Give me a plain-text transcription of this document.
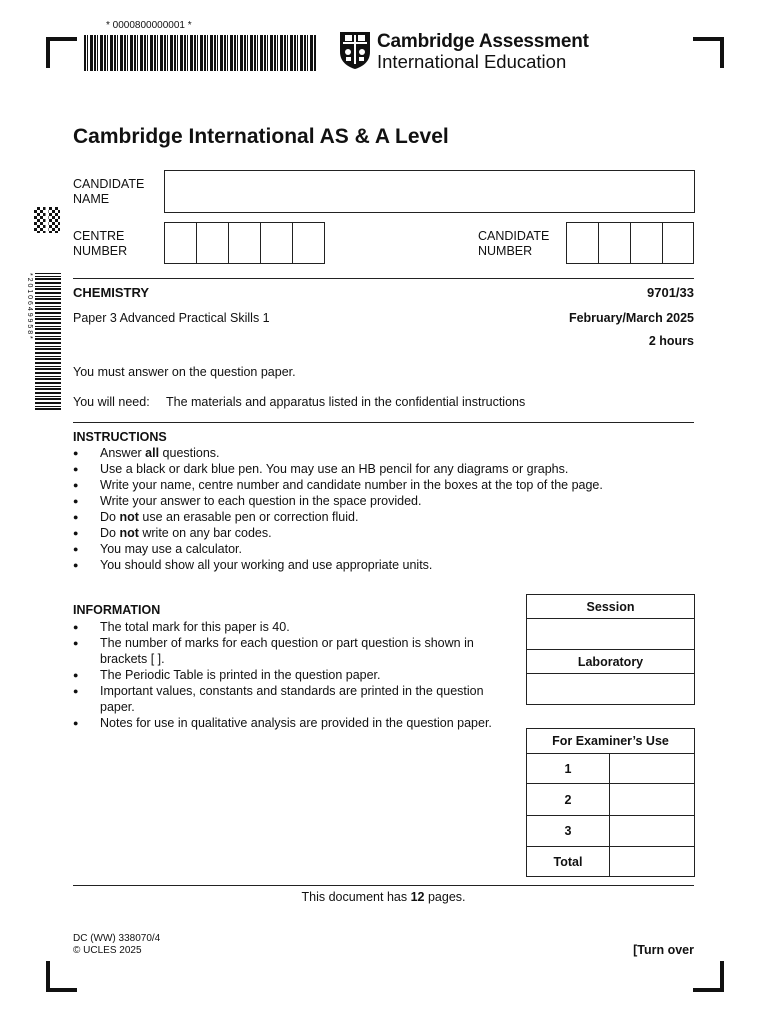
* 0000800000001 *
Cambridge Assessment
International Education
Cambridge International AS & A Level
* 2 0 1 0 6 4 9 9 5 8 *
CANDIDATE
NAME
CENTRE
NUMBER
CANDIDATE
NUMBER
CHEMISTRY	9701/33
Paper 3 Advanced Practical Skills 1	February/March 2025
2 hours
You must answer on the question paper.
You will need: The materials and apparatus listed in the confidential instructions
INSTRUCTIONS
● Answer all questions.
● Use a black or dark blue pen. You may use an HB pencil for any diagrams or graphs.
● Write your name, centre number and candidate number in the boxes at the top of the page.
● Write your answer to each question in the space provided.
● Do not use an erasable pen or correction fluid.
● Do not write on any bar codes.
● You may use a calculator.
● You should show all your working and use appropriate units.
INFORMATION
● The total mark for this paper is 40.
● The number of marks for each question or part question is shown in brackets [ ].
● The Periodic Table is printed in the question paper.
● Important values, constants and standards are printed in the question paper.
● Notes for use in qualitative analysis are provided in the question paper.
Session
Laboratory
For Examiner’s Use
1
2
3
Total
This document has 12 pages.
DC (WW) 338070/4
© UCLES 2025	[Turn over
